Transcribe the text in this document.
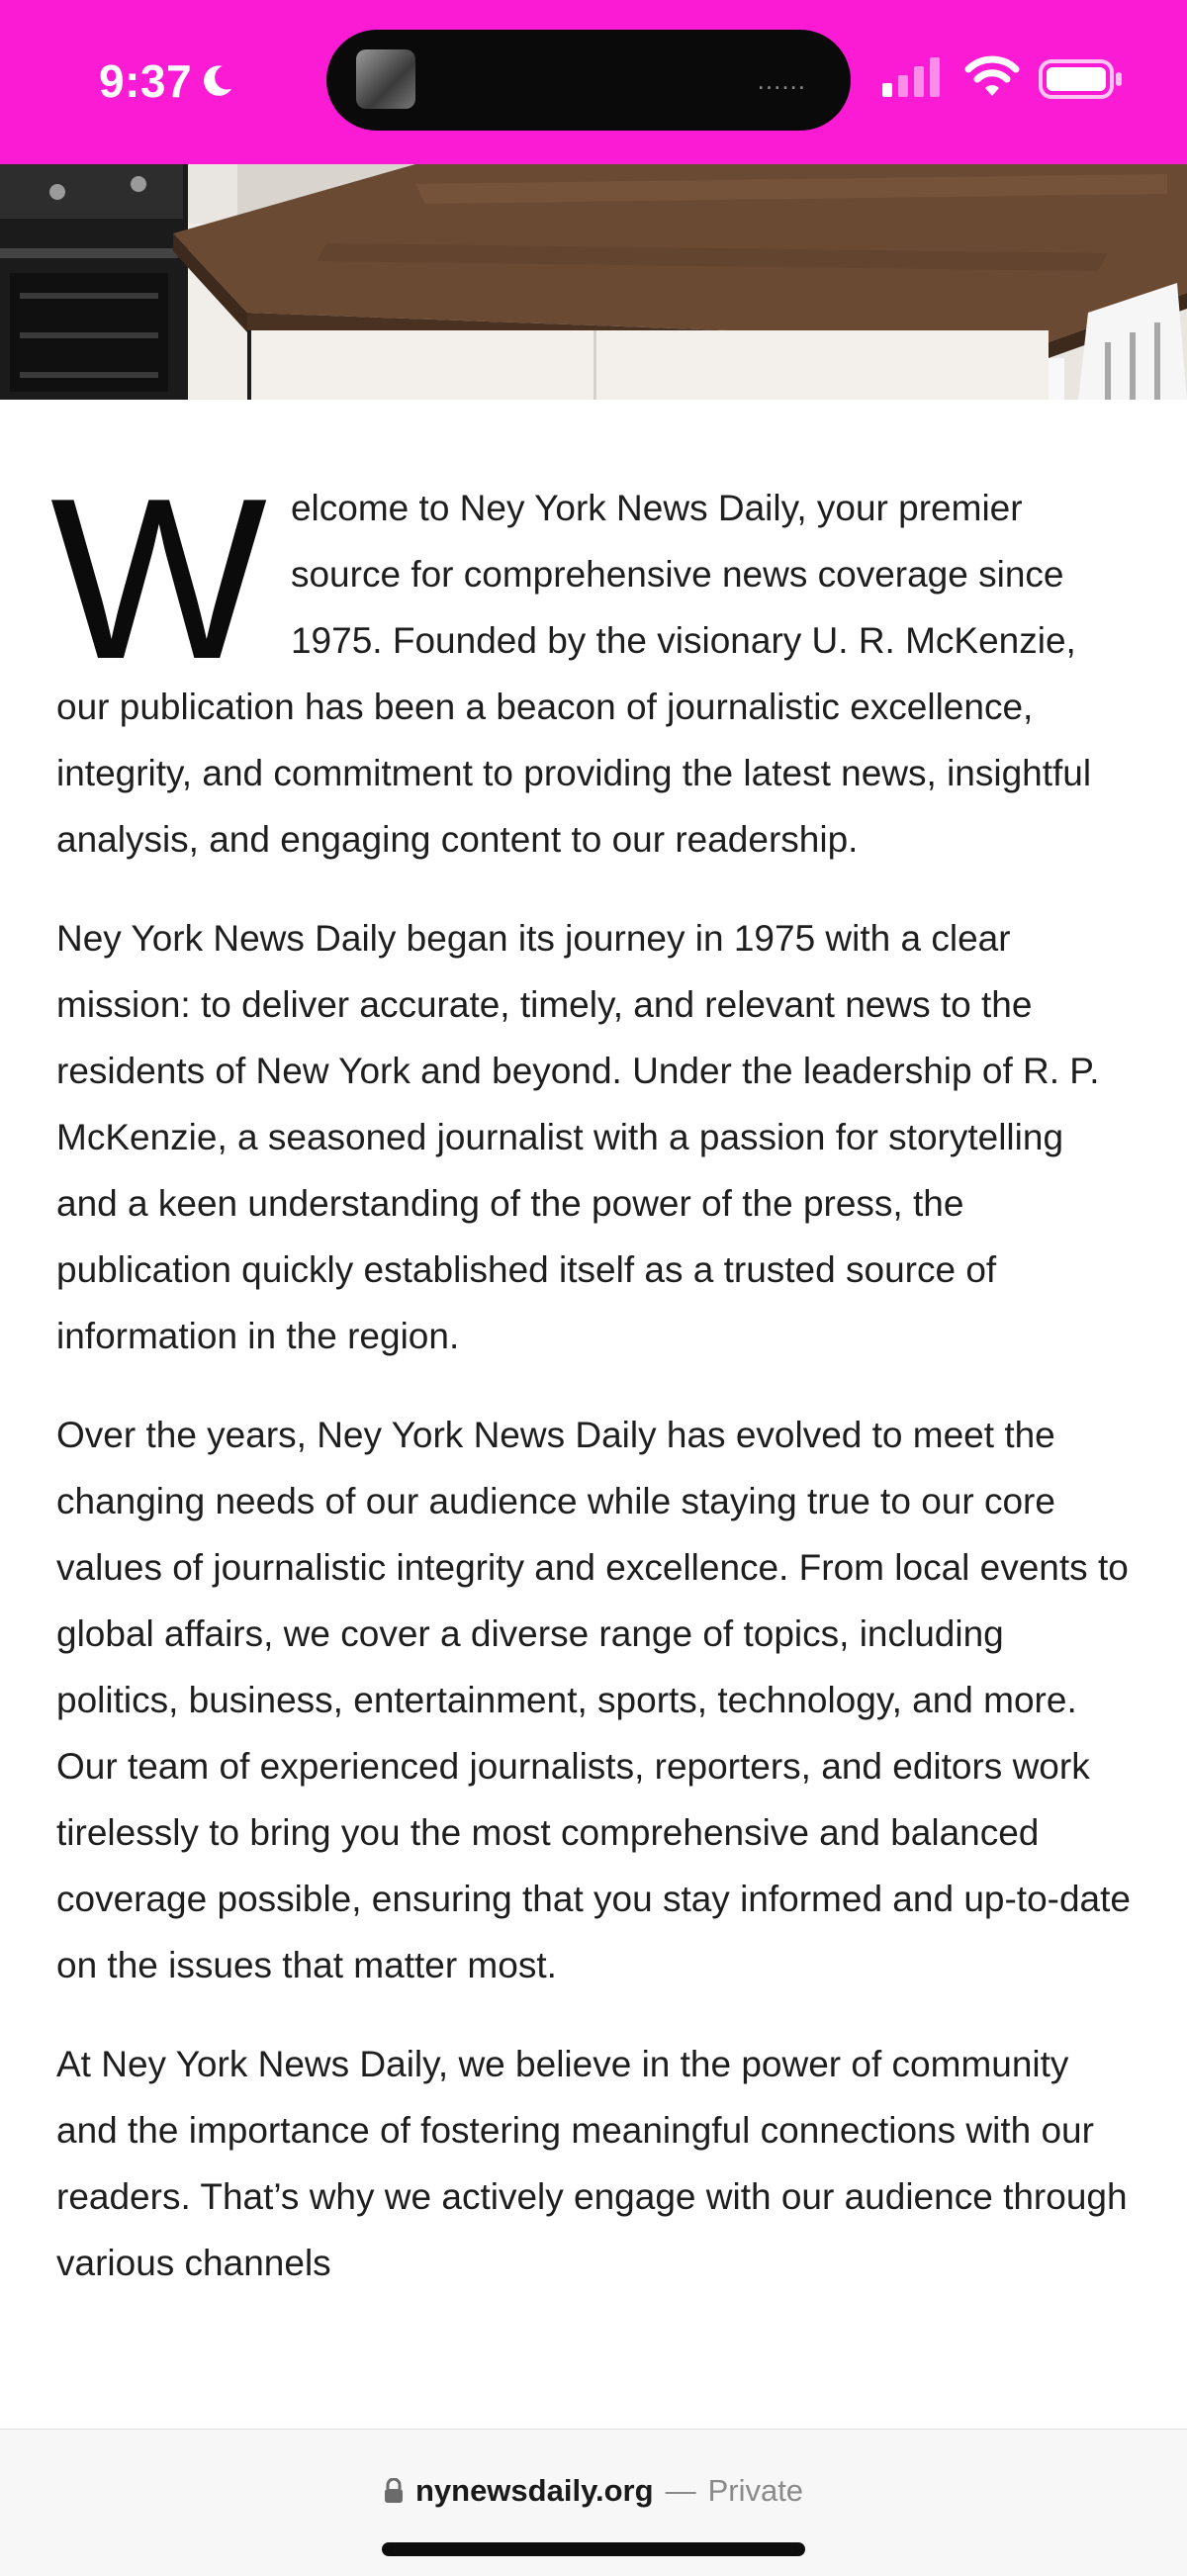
9:37	......

Welcome to Ney York News Daily, your premier source for comprehensive news coverage since 1975. Founded by the visionary U. R. McKenzie, our publication has been a beacon of journalistic excellence, integrity, and commitment to providing the latest news, insightful analysis, and engaging content to our readership.

Ney York News Daily began its journey in 1975 with a clear mission: to deliver accurate, timely, and relevant news to the residents of New York and beyond. Under the leadership of R. P. McKenzie, a seasoned journalist with a passion for storytelling and a keen understanding of the power of the press, the publication quickly established itself as a trusted source of information in the region.

Over the years, Ney York News Daily has evolved to meet the changing needs of our audience while staying true to our core values of journalistic integrity and excellence. From local events to global affairs, we cover a diverse range of topics, including politics, business, entertainment, sports, technology, and more. Our team of experienced journalists, reporters, and editors work tirelessly to bring you the most comprehensive and balanced coverage possible, ensuring that you stay informed and up-to-date on the issues that matter most.

At Ney York News Daily, we believe in the power of community and the importance of fostering meaningful connections with our readers. That’s why we actively engage with our audience through various channels

nynewsdaily.org — Private
